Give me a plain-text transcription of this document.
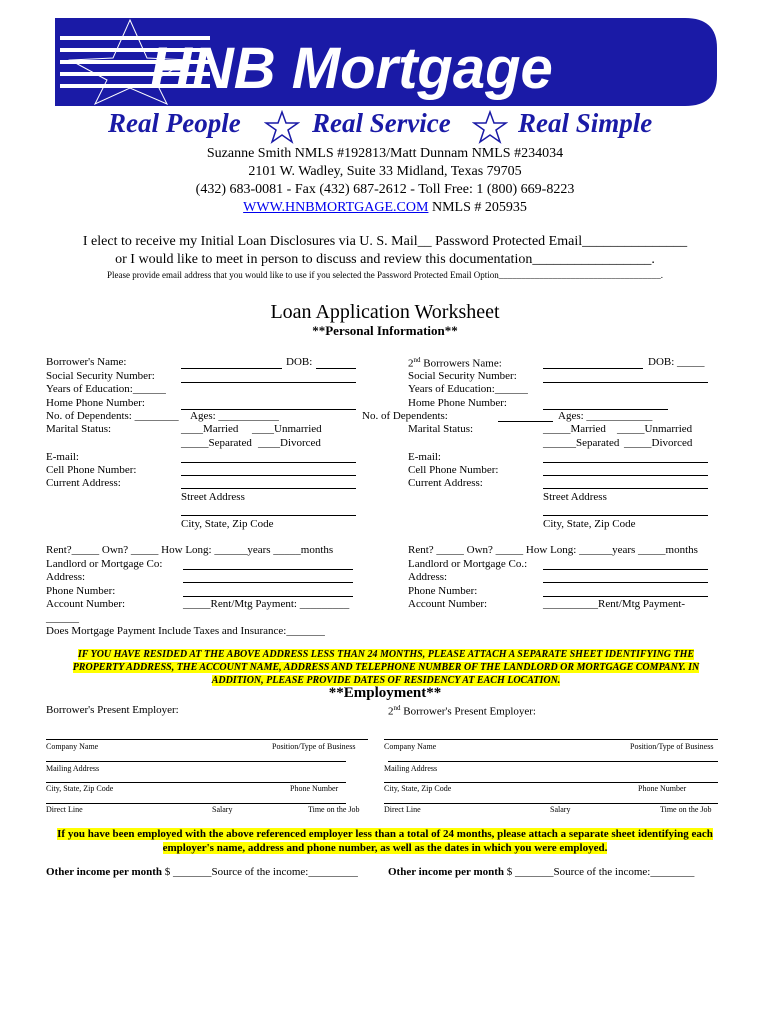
HNB Mortgage
Real People	Real Service Real Simple
Suzanne Smith NMLS #192813/Matt Dunnam NMLS #234034
2101 W. Wadley, Suite 33 Midland, Texas 79705
(432) 683-0081 - Fax (432) 687-2612 - Toll Free: 1 (800) 669-8223
WWW.HNBMORTGAGE.COM NMLS # 205935
I elect to receive my Initial Loan Disclosures via U. S. Mail__ Password Protected Email_______________
or I would like to meet in person to discuss and review this documentation_________________.
Please provide email address that you would like to use if you selected the Password Protected Email Option____________________________________.
Loan Application Worksheet
**Personal Information**
Borrower's Name:	DOB:
Social Security Number:
Years of Education:______
Home Phone Number:
No. of Dependents: ________ Ages: ___________
Marital Status:	____Married ____Unmarried
_____Separated ____Divorced
E-mail:
Cell Phone Number:
Current Address:
Street Address
City, State, Zip Code
Rent?_____ Own? _____ How Long: ______years _____months
Landlord or Mortgage Co:
Address:
Phone Number:
Account Number:	_____Rent/Mtg Payment: _________
2nd Borrowers Name:	DOB: _____
Social Security Number:
Years of Education:______
Home Phone Number:
No. of Dependents:	Ages: ____________
Marital Status:	_____Married _____Unmarried
______Separated _____Divorced
E-mail:
Cell Phone Number:
Current Address:
Street Address
City, State, Zip Code
Rent? _____ Own? _____ How Long: ______years _____months
Landlord or Mortgage Co.:
Address:
Phone Number:
Account Number:	__________Rent/Mtg Payment-
______
Does Mortgage Payment Include Taxes and Insurance:_______
IF YOU HAVE RESIDED AT THE ABOVE ADDRESS LESS THAN 24 MONTHS, PLEASE ATTACH A SEPARATE SHEET IDENTIFYING THE PROPERTY ADDRESS, THE ACCOUNT NAME, ADDRESS AND TELEPHONE NUMBER OF THE LANDLORD OR MORTGAGE COMPANY. IN ADDITION, PLEASE PROVIDE DATES OF RESIDENCY AT EACH LOCATION.
**Employment**
Borrower's Present Employer:	2nd Borrower's Present Employer:
Company Name	Position/Type of Business
Mailing Address
City, State, Zip Code	Phone Number
Direct Line	Salary	Time on the Job
Company Name	Position/Type of Business
Mailing Address
City, State, Zip Code	Phone Number
Direct Line	Salary	Time on the Job
If you have been employed with the above referenced employer less than a total of 24 months, please attach a separate sheet identifying each employer's name, address and phone number, as well as the dates in which you were employed.
Other income per month $ _______Source of the income:_________	Other income per month $ _______Source of the income:________
